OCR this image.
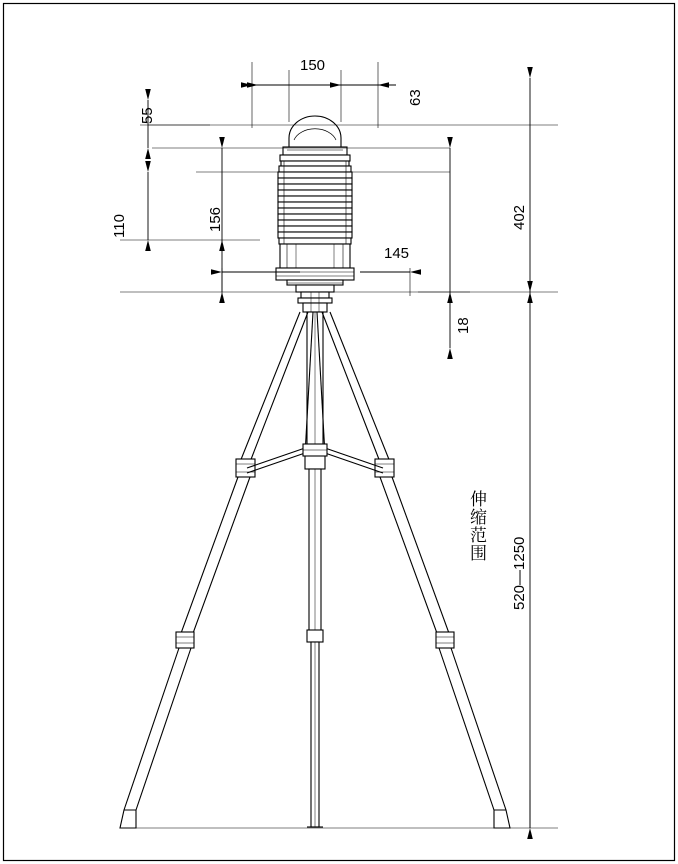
150
63
55
156
110
145
18
402
伸缩范围
520—1250
